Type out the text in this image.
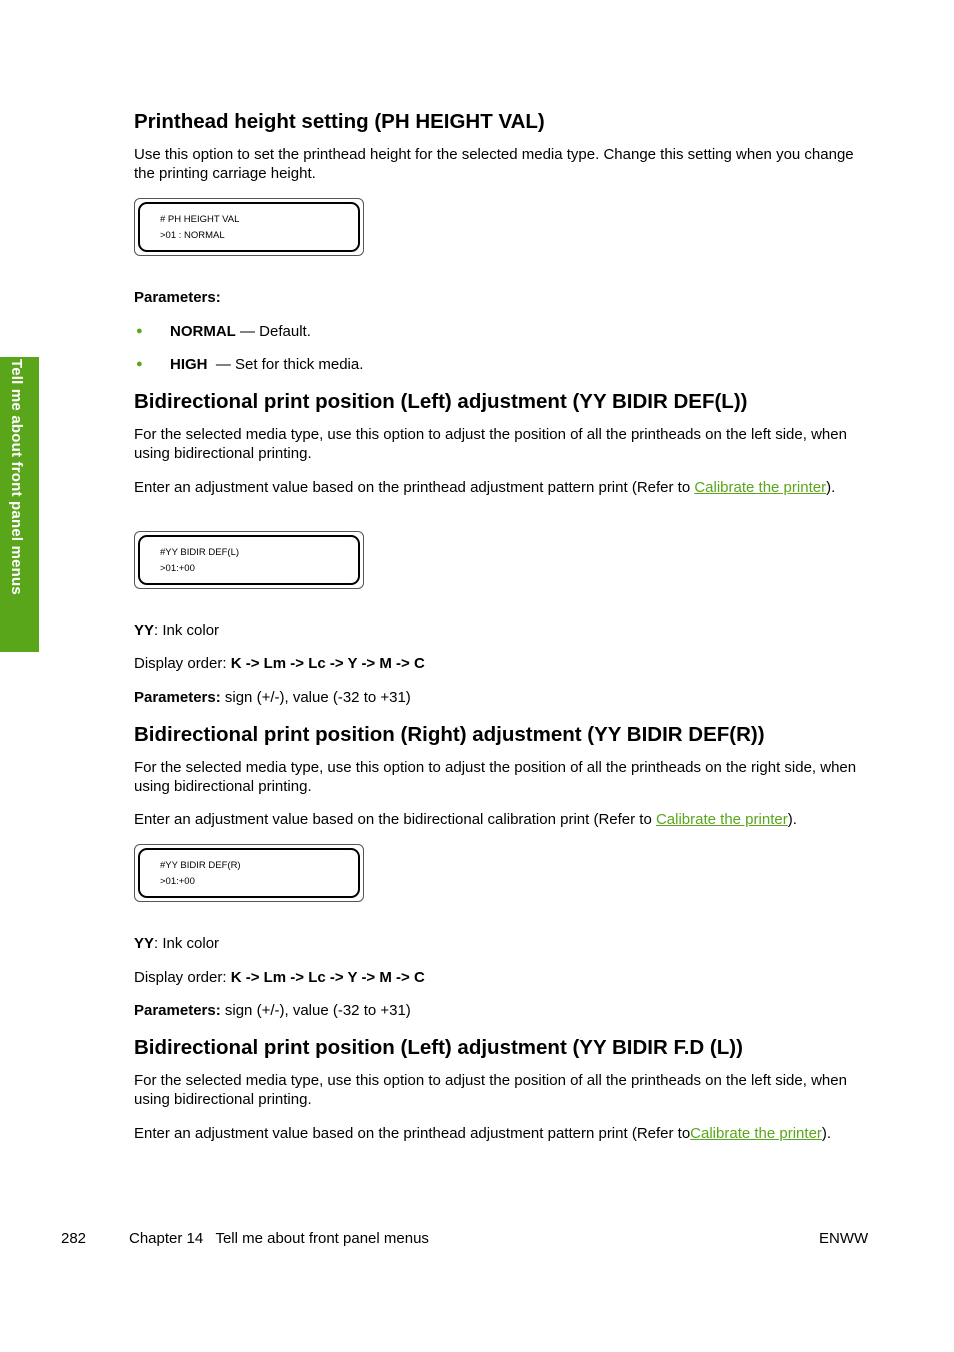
Tell me about front panel menus
Printhead height setting (PH HEIGHT VAL)

Use this option to set the printhead height for the selected media type. Change this setting when you change the printing carriage height.

# PH HEIGHT VAL
>01 : NORMAL

Parameters:

● NORMAL — Default.

● HIGH  — Set for thick media.

Bidirectional print position (Left) adjustment (YY BIDIR DEF(L))

For the selected media type, use this option to adjust the position of all the printheads on the left side, when using bidirectional printing.

Enter an adjustment value based on the printhead adjustment pattern print (Refer to Calibrate the printer).

#YY BIDIR DEF(L)
>01:+00

YY: Ink color

Display order: K -> Lm -> Lc -> Y -> M -> C

Parameters: sign (+/-), value (-32 to +31)

Bidirectional print position (Right) adjustment (YY BIDIR DEF(R))

For the selected media type, use this option to adjust the position of all the printheads on the right side, when using bidirectional printing.

Enter an adjustment value based on the bidirectional calibration print (Refer to Calibrate the printer).

#YY BIDIR DEF(R)
>01:+00

YY: Ink color

Display order: K -> Lm -> Lc -> Y -> M -> C

Parameters: sign (+/-), value (-32 to +31)

Bidirectional print position (Left) adjustment (YY BIDIR F.D (L))

For the selected media type, use this option to adjust the position of all the printheads on the left side, when using bidirectional printing.

Enter an adjustment value based on the printhead adjustment pattern print (Refer toCalibrate the printer).

282	Chapter 14   Tell me about front panel menus	ENWW
